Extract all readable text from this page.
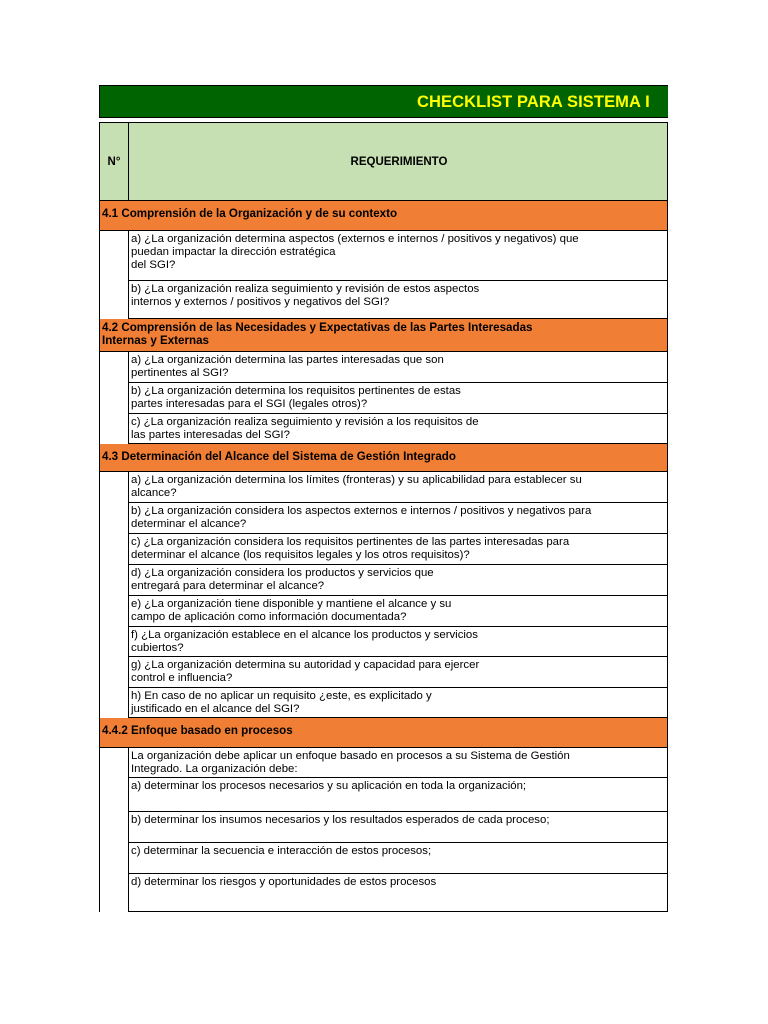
CHECKLIST PARA SISTEMA I
N°	REQUERIMIENTO
4.1 Comprensión de la Organización y de su contexto
a) ¿La organización determina aspectos (externos e internos / positivos y negativos) que
puedan impactar la dirección estratégica
del SGI?
b) ¿La organización realiza seguimiento y revisión de estos aspectos
internos y externos / positivos y negativos del SGI?
4.2 Comprensión de las Necesidades y Expectativas de las Partes Interesadas
Internas y Externas
a) ¿La organización determina las partes interesadas que son
pertinentes al SGI?
b) ¿La organización determina los requisitos pertinentes de estas
partes interesadas para el SGI (legales otros)?
c) ¿La organización realiza seguimiento y revisión a los requisitos de
las partes interesadas del SGI?
4.3 Determinación del Alcance del Sistema de Gestión Integrado
a) ¿La organización determina los límites (fronteras) y su aplicabilidad para establecer su
alcance?
b) ¿La organización considera los aspectos externos e internos / positivos y negativos para
determinar el alcance?
c) ¿La organización considera los requisitos pertinentes de las partes interesadas para
determinar el alcance (los requisitos legales y los otros requisitos)?
d) ¿La organización considera los productos y servicios que
entregará para determinar el alcance?
e) ¿La organización tiene disponible y mantiene el alcance y su
campo de aplicación como información documentada?
f) ¿La organización establece en el alcance los productos y servicios
cubiertos?
g) ¿La organización determina su autoridad y capacidad para ejercer
control e influencia?
h) En caso de no aplicar un requisito ¿este, es explicitado y
justificado en el alcance del SGI?
4.4.2 Enfoque basado en procesos
La organización debe aplicar un enfoque basado en procesos a su Sistema de Gestión
Integrado. La organización debe:
a) determinar los procesos necesarios y su aplicación en toda la organización;
b) determinar los insumos necesarios y los resultados esperados de cada proceso;
c) determinar la secuencia e interacción de estos procesos;
d) determinar los riesgos y oportunidades de estos procesos
